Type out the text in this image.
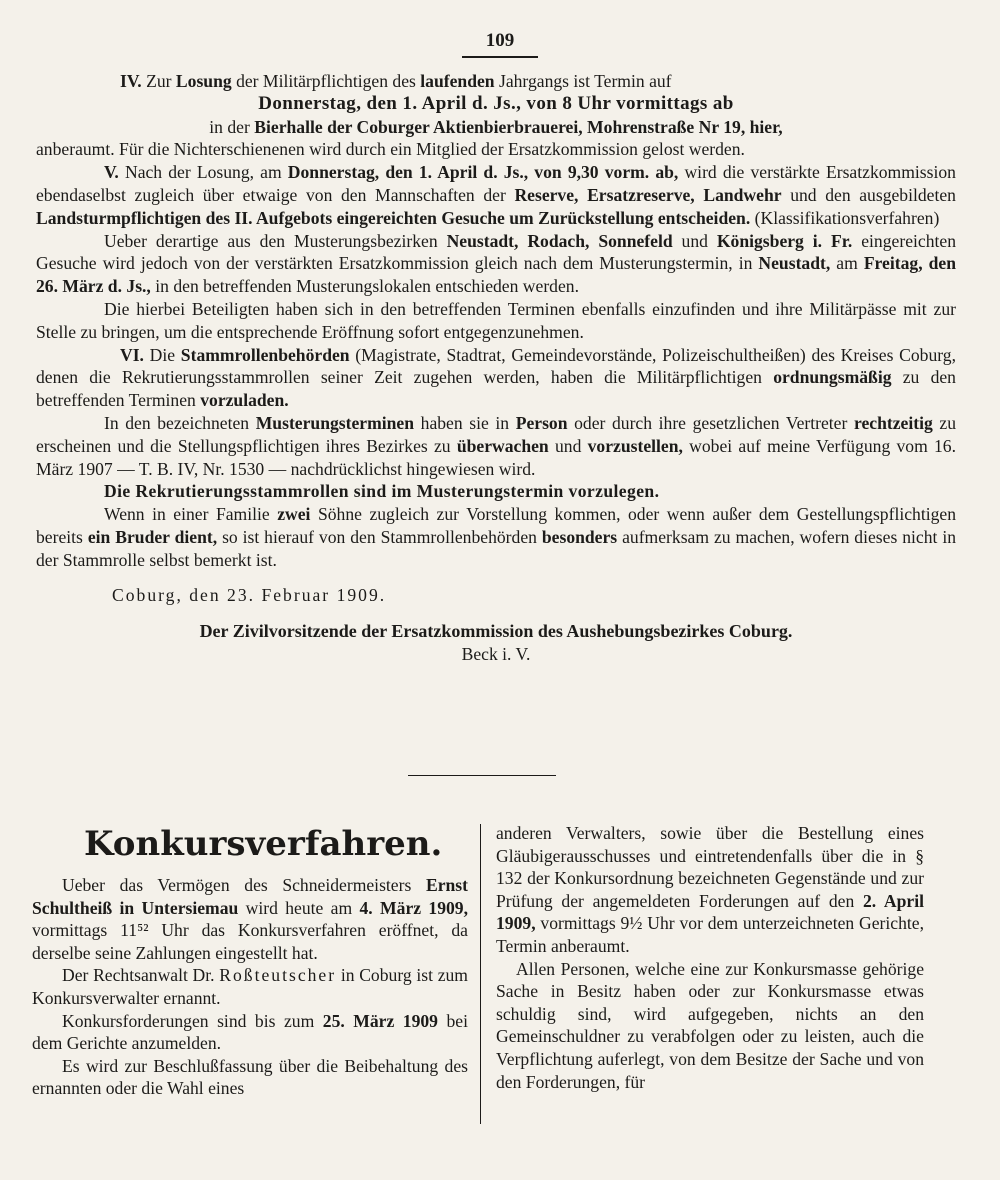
109

IV. Zur Losung der Militärpflichtigen des laufenden Jahrgangs ist Termin auf

Donnerstag, den 1. April d. Js., von 8 Uhr vormittags ab

in der Bierhalle der Coburger Aktienbierbrauerei, Mohrenstraße Nr 19, hier,

anberaumt. Für die Nichterschienenen wird durch ein Mitglied der Ersatzkommission gelost werden.

V. Nach der Losung, am Donnerstag, den 1. April d. Js., von 9,30 vorm. ab, wird die verstärkte Ersatzkommission ebendaselbst zugleich über etwaige von den Mannschaften der Reserve, Ersatzreserve, Landwehr und den ausgebildeten Landsturmpflichtigen des II. Aufgebots eingereichten Gesuche um Zurückstellung entscheiden. (Klassifikationsverfahren)

Ueber derartige aus den Musterungsbezirken Neustadt, Rodach, Sonnefeld und Königsberg i. Fr. eingereichten Gesuche wird jedoch von der verstärkten Ersatzkommission gleich nach dem Musterungstermin, in Neustadt, am Freitag, den 26. März d. Js., in den betreffenden Musterungslokalen entschieden werden.

Die hierbei Beteiligten haben sich in den betreffenden Terminen ebenfalls einzufinden und ihre Militärpässe mit zur Stelle zu bringen, um die entsprechende Eröffnung sofort entgegenzunehmen.

VI. Die Stammrollenbehörden (Magistrate, Stadtrat, Gemeindevorstände, Polizeischultheißen) des Kreises Coburg, denen die Rekrutierungsstammrollen seiner Zeit zugehen werden, haben die Militärpflichtigen ordnungsmäßig zu den betreffenden Terminen vorzuladen.

In den bezeichneten Musterungsterminen haben sie in Person oder durch ihre gesetzlichen Vertreter rechtzeitig zu erscheinen und die Stellungspflichtigen ihres Bezirkes zu überwachen und vorzustellen, wobei auf meine Verfügung vom 16. März 1907 — T. B. IV, Nr. 1530 — nachdrücklichst hingewiesen wird.

Die Rekrutierungsstammrollen sind im Musterungstermin vorzulegen.

Wenn in einer Familie zwei Söhne zugleich zur Vorstellung kommen, oder wenn außer dem Gestellungspflichtigen bereits ein Bruder dient, so ist hierauf von den Stammrollenbehörden besonders aufmerksam zu machen, wofern dieses nicht in der Stammrolle selbst bemerkt ist.

Coburg, den 23. Februar 1909.

Der Zivilvorsitzende der Ersatzkommission des Aushebungsbezirkes Coburg.

Beck i. V.

Konkursverfahren.

Ueber das Vermögen des Schneidermeisters Ernst Schultheiß in Untersiemau wird heute am 4. März 1909, vormittags 11⁵² Uhr das Konkursverfahren eröffnet, da derselbe seine Zahlungen eingestellt hat.

Der Rechtsanwalt Dr. Roßteutscher in Coburg ist zum Konkursverwalter ernannt.

Konkursforderungen sind bis zum 25. März 1909 bei dem Gerichte anzumelden.

Es wird zur Beschlußfassung über die Beibehaltung des ernannten oder die Wahl eines

anderen Verwalters, sowie über die Bestellung eines Gläubigerausschusses und eintretendenfalls über die in § 132 der Konkursordnung bezeichneten Gegenstände und zur Prüfung der angemeldeten Forderungen auf den 2. April 1909, vormittags 9½ Uhr vor dem unterzeichneten Gerichte, Termin anberaumt.

Allen Personen, welche eine zur Konkursmasse gehörige Sache in Besitz haben oder zur Konkursmasse etwas schuldig sind, wird aufgegeben, nichts an den Gemeinschuldner zu verabfolgen oder zu leisten, auch die Verpflichtung auferlegt, von dem Besitze der Sache und von den Forderungen, für
